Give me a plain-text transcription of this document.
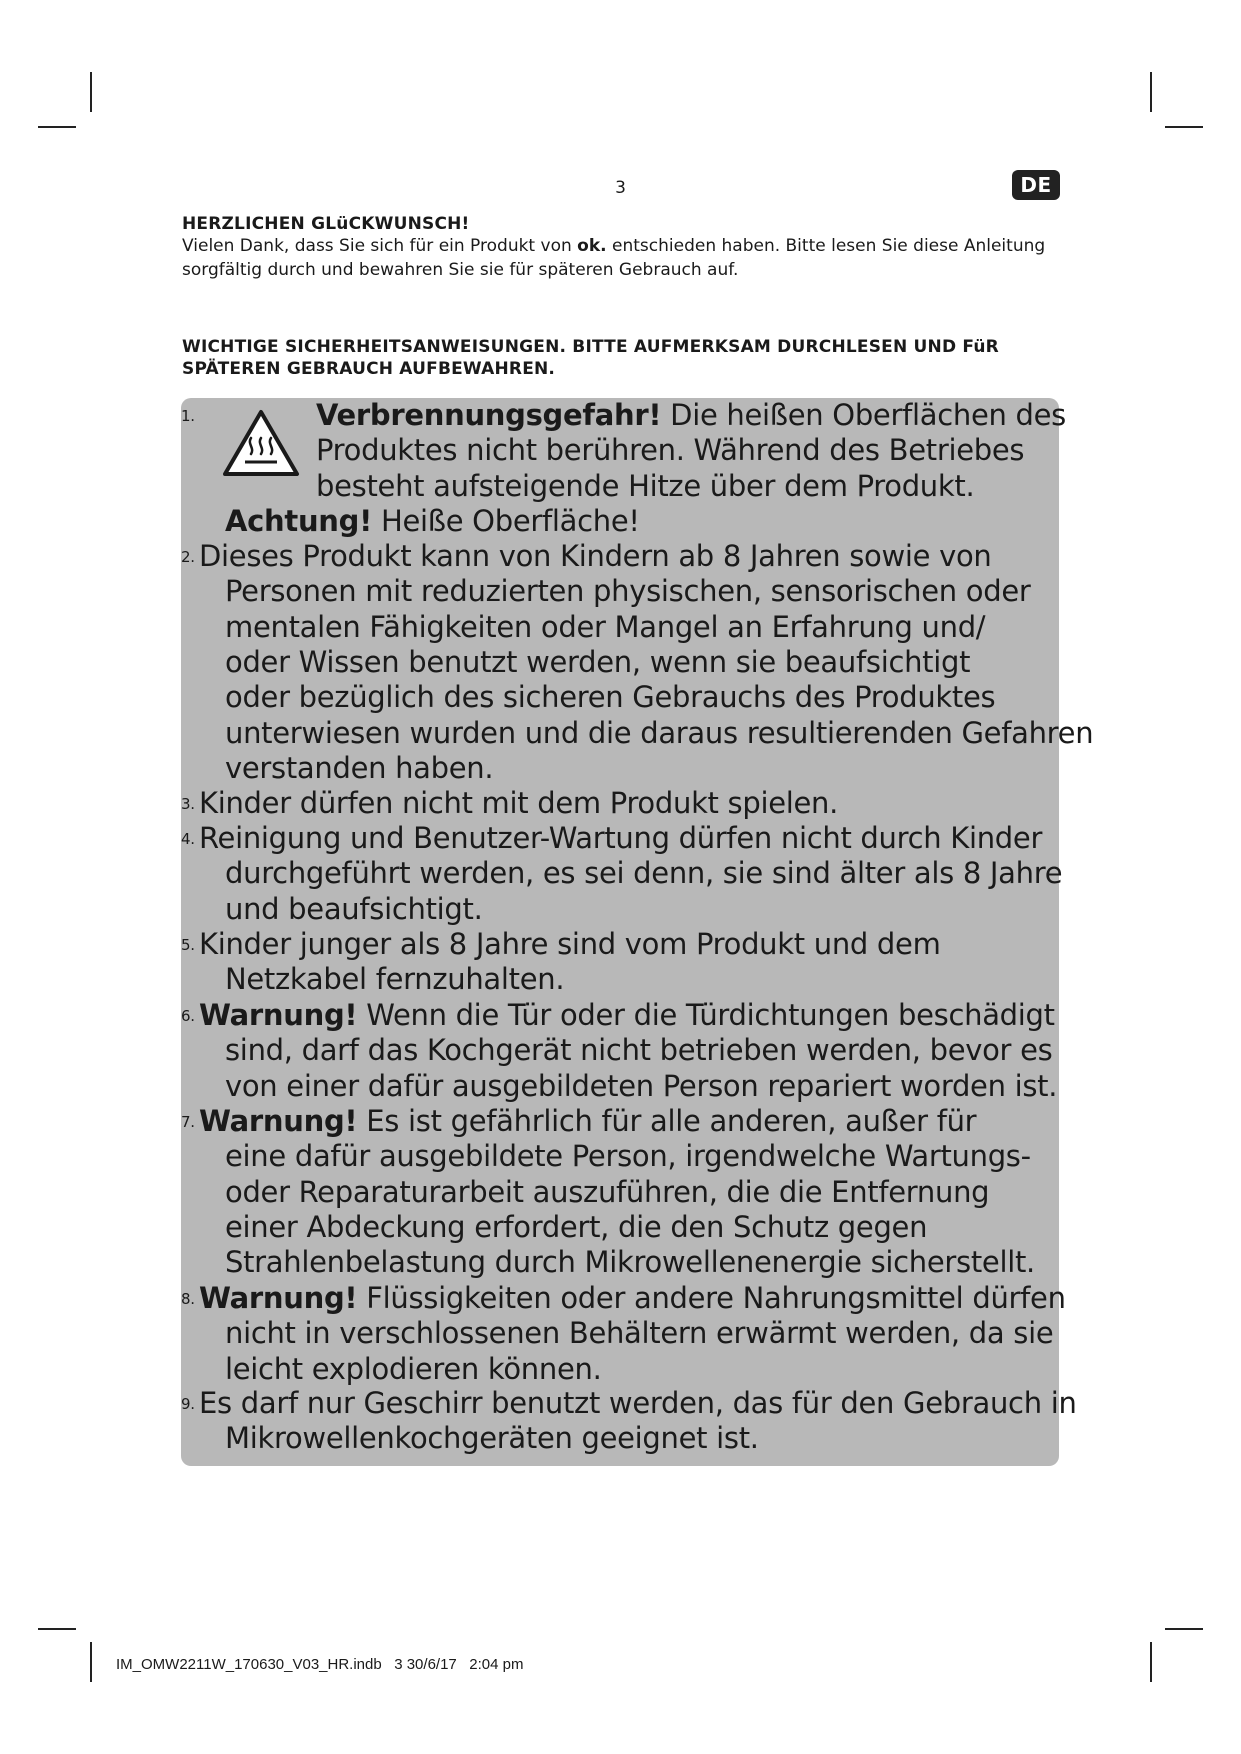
3	DE
HERZLICHEN GLüCKWUNSCH!
Vielen Dank, dass Sie sich für ein Produkt von ok. entschieden haben. Bitte lesen Sie diese Anleitung
sorgfältig durch und bewahren Sie sie für späteren Gebrauch auf.
WICHTIGE SICHERHEITSANWEISUNGEN. BITTE AUFMERKSAM DURCHLESEN UND FüR
SPÄTEREN GEBRAUCH AUFBEWAHREN.
1.	Verbrennungsgefahr! Die heißen Oberflächen des
Produktes nicht berühren. Während des Betriebes
besteht aufsteigende Hitze über dem Produkt.
Achtung! Heiße Oberfläche!
2. Dieses Produkt kann von Kindern ab 8 Jahren sowie von
Personen mit reduzierten physischen, sensorischen oder
mentalen Fähigkeiten oder Mangel an Erfahrung und/
oder Wissen benutzt werden, wenn sie beaufsichtigt
oder bezüglich des sicheren Gebrauchs des Produktes
unterwiesen wurden und die daraus resultierenden Gefahren
verstanden haben.
3. Kinder dürfen nicht mit dem Produkt spielen.
4. Reinigung und Benutzer-Wartung dürfen nicht durch Kinder
durchgeführt werden, es sei denn, sie sind älter als 8 Jahre
und beaufsichtigt.
5. Kinder junger als 8 Jahre sind vom Produkt und dem
Netzkabel fernzuhalten.
6. Warnung! Wenn die Tür oder die Türdichtungen beschädigt
sind, darf das Kochgerät nicht betrieben werden, bevor es
von einer dafür ausgebildeten Person repariert worden ist.
7. Warnung! Es ist gefährlich für alle anderen, außer für
eine dafür ausgebildete Person, irgendwelche Wartungs-
oder Reparaturarbeit auszuführen, die die Entfernung
einer Abdeckung erfordert, die den Schutz gegen
Strahlenbelastung durch Mikrowellenenergie sicherstellt.
8. Warnung! Flüssigkeiten oder andere Nahrungsmittel dürfen
nicht in verschlossenen Behältern erwärmt werden, da sie
leicht explodieren können.
9. Es darf nur Geschirr benutzt werden, das für den Gebrauch in
Mikrowellenkochgeräten geeignet ist.
IM_OMW2211W_170630_V03_HR.indb   3 30/6/17   2:04 pm
